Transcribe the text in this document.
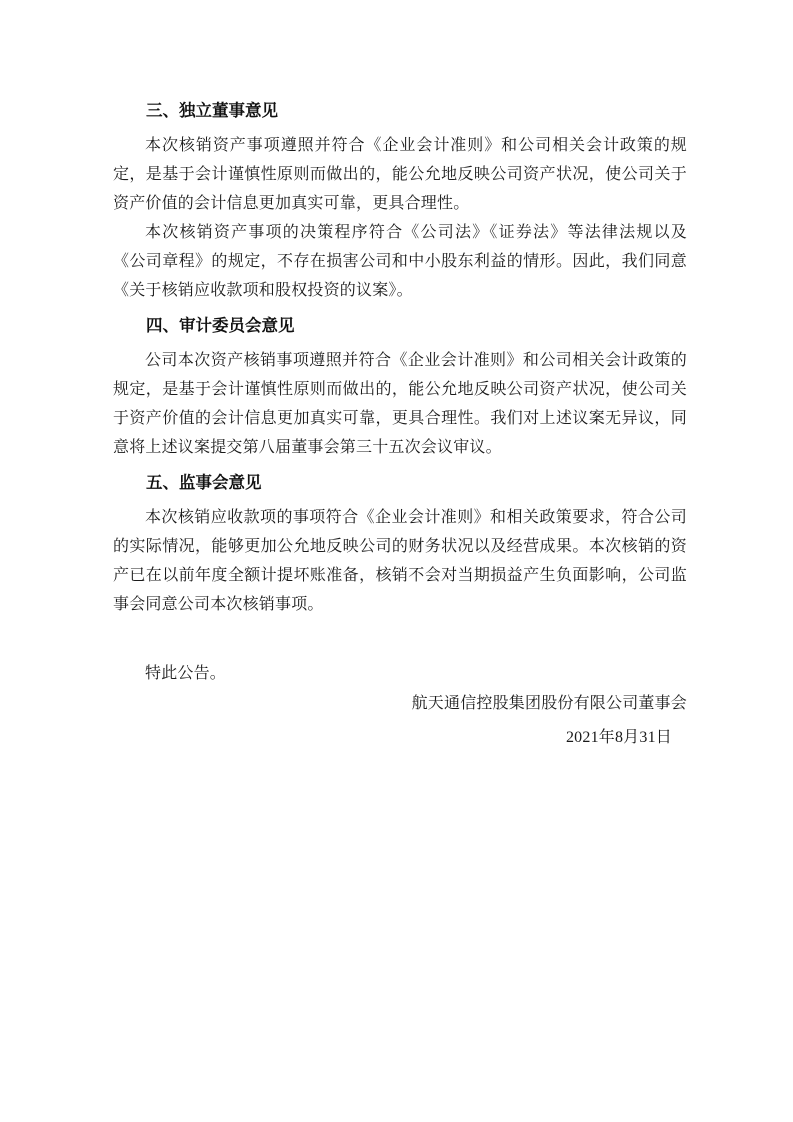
三、独立董事意见

本次核销资产事项遵照并符合《企业会计准则》和公司相关会计政策的规定，是基于会计谨慎性原则而做出的，能公允地反映公司资产状况，使公司关于资产价值的会计信息更加真实可靠，更具合理性。

本次核销资产事项的决策程序符合《公司法》《证券法》等法律法规以及《公司章程》的规定，不存在损害公司和中小股东利益的情形。因此，我们同意《关于核销应收款项和股权投资的议案》。

四、审计委员会意见

公司本次资产核销事项遵照并符合《企业会计准则》和公司相关会计政策的规定，是基于会计谨慎性原则而做出的，能公允地反映公司资产状况，使公司关于资产价值的会计信息更加真实可靠，更具合理性。我们对上述议案无异议，同意将上述议案提交第八届董事会第三十五次会议审议。

五、监事会意见

本次核销应收款项的事项符合《企业会计准则》和相关政策要求，符合公司的实际情况，能够更加公允地反映公司的财务状况以及经营成果。本次核销的资产已在以前年度全额计提坏账准备，核销不会对当期损益产生负面影响，公司监事会同意公司本次核销事项。

特此公告。

航天通信控股集团股份有限公司董事会

2021年8月31日
